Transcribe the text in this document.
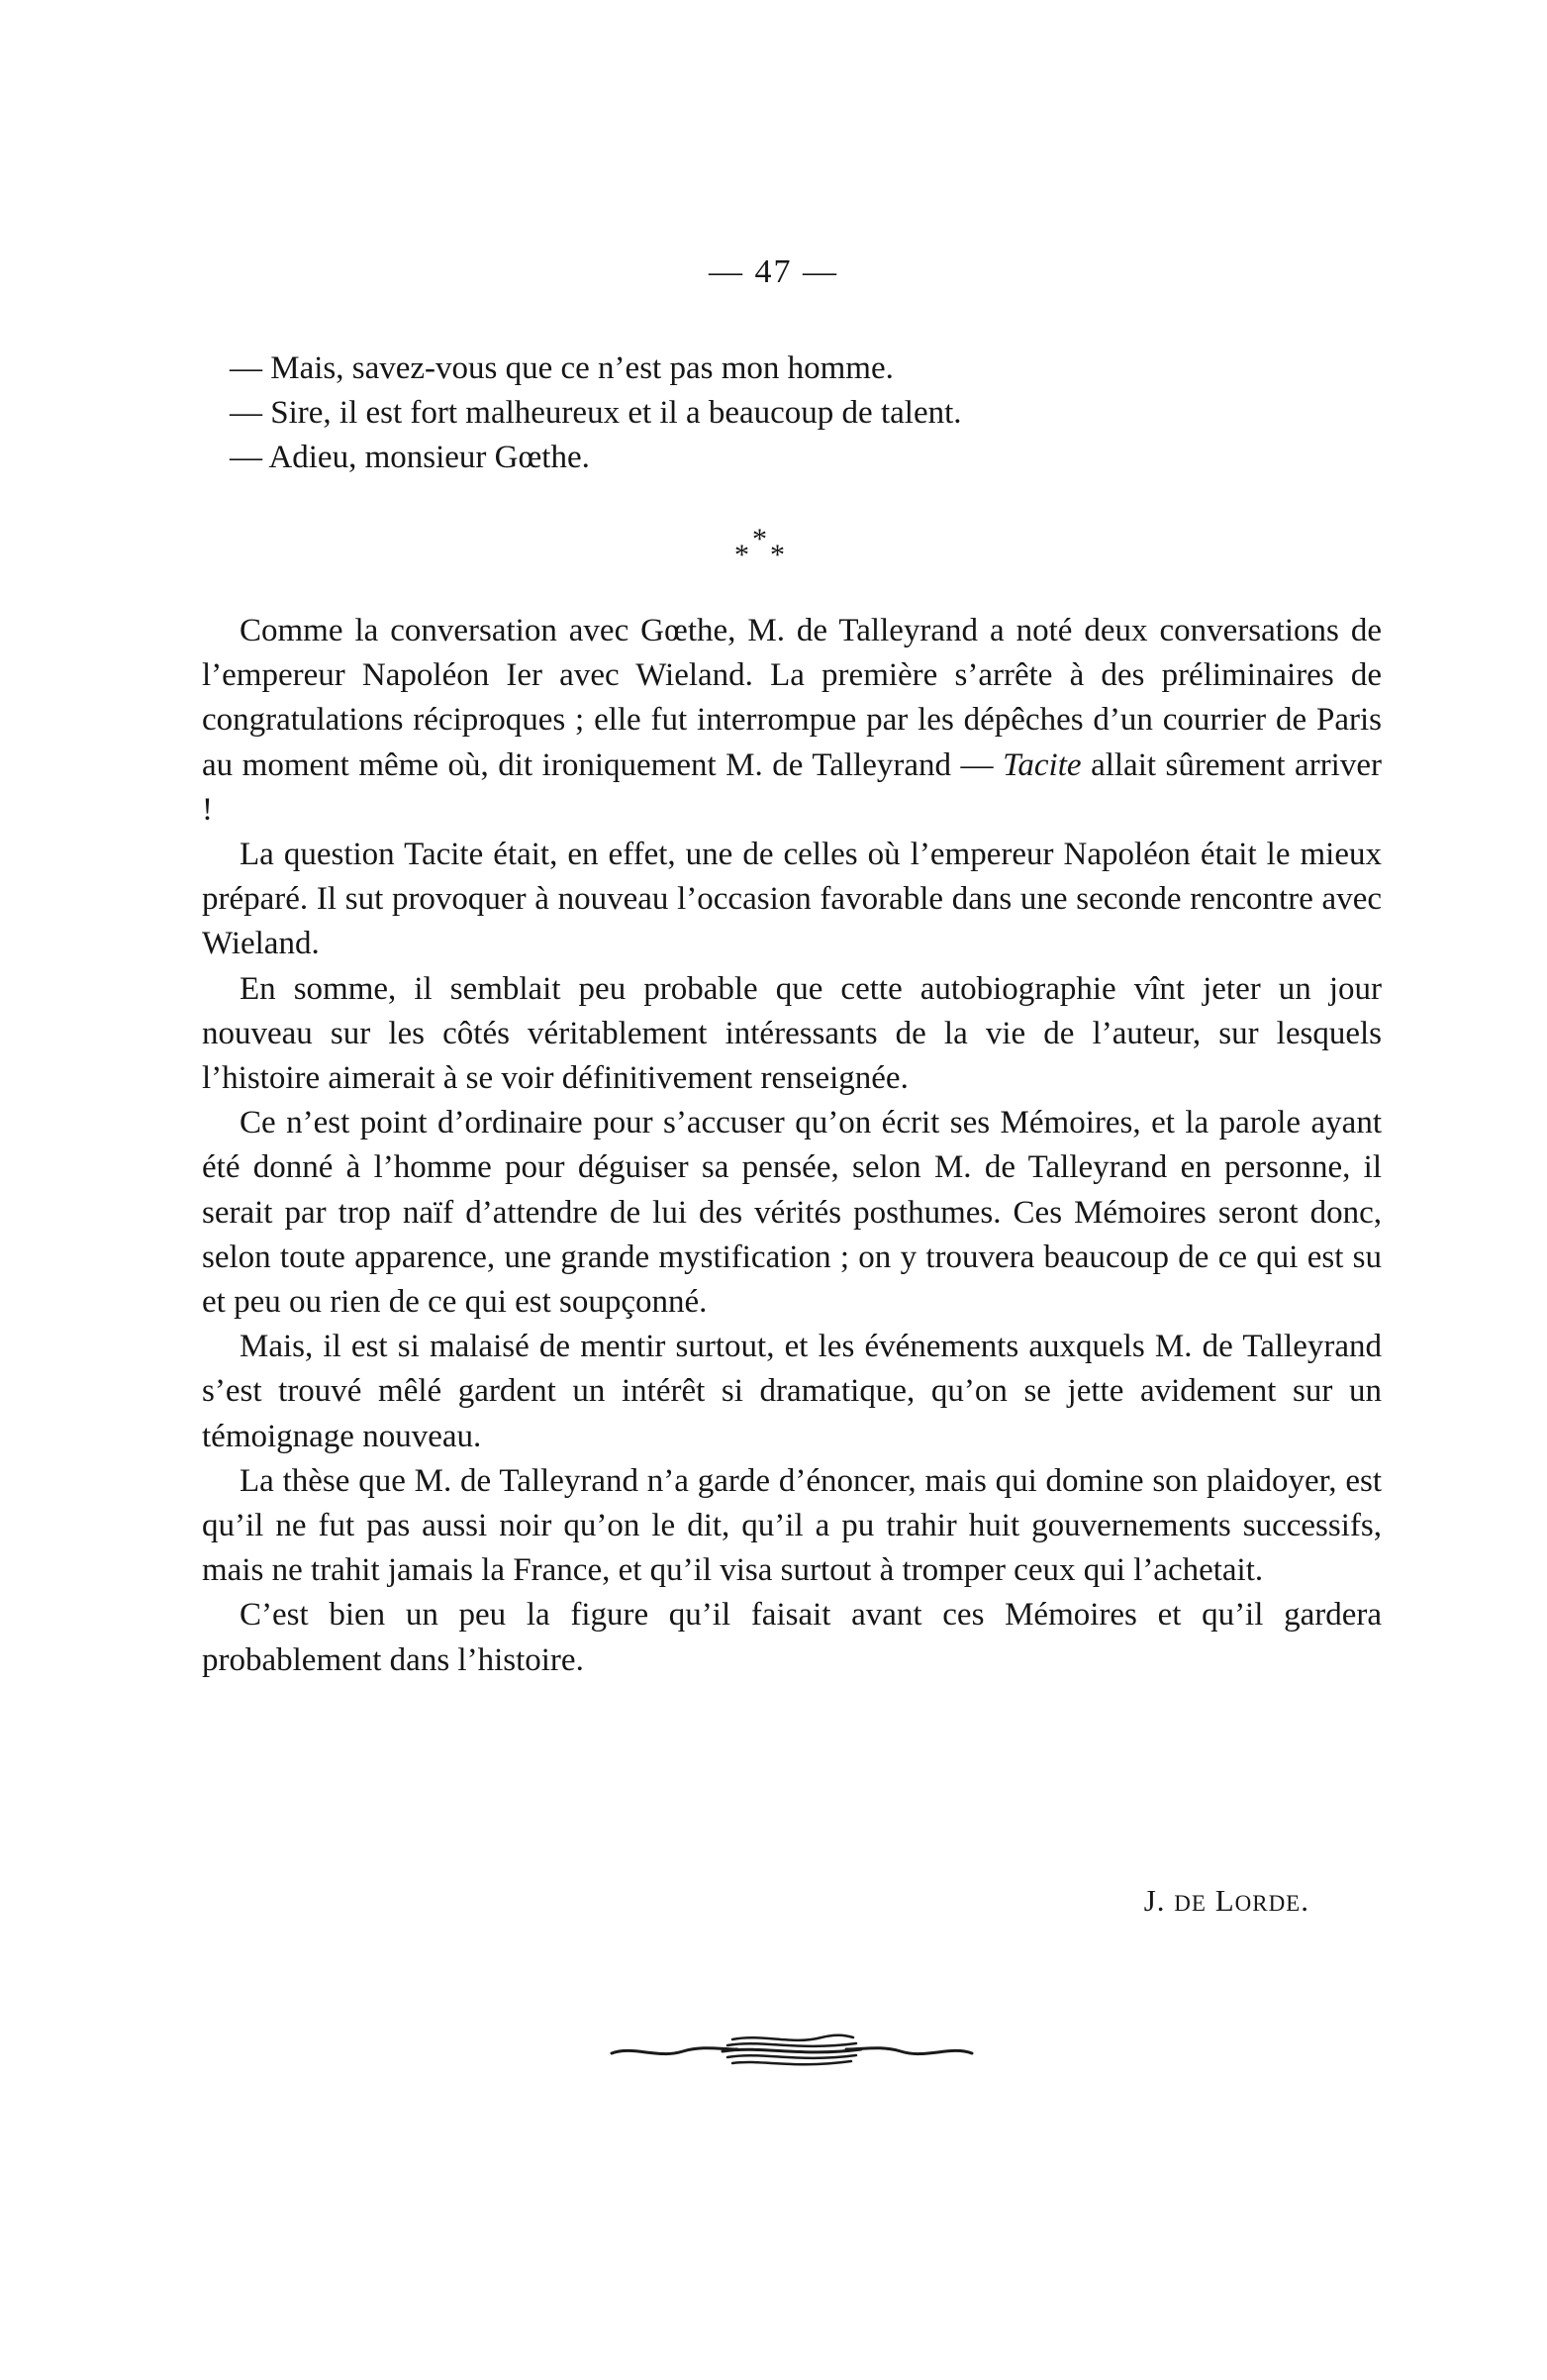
— 47 —

— Mais, savez-vous que ce n’est pas mon homme.

— Sire, il est fort malheureux et il a beaucoup de talent.

— Adieu, monsieur Gœthe.

*
* *

Comme la conversation avec Gœthe, M. de Talleyrand a noté deux conversations de l’empereur Napoléon Ier avec Wieland. La première s’arrête à des préliminaires de congratulations réciproques ; elle fut interrompue par les dépêches d’un courrier de Paris au moment même où, dit ironiquement M. de Talleyrand — Tacite allait sûrement arriver !

La question Tacite était, en effet, une de celles où l’empereur Napoléon était le mieux préparé. Il sut provoquer à nouveau l’occasion favorable dans une seconde rencontre avec Wieland.

En somme, il semblait peu probable que cette autobiographie vînt jeter un jour nouveau sur les côtés véritablement intéressants de la vie de l’auteur, sur lesquels l’histoire aimerait à se voir définitivement renseignée.

Ce n’est point d’ordinaire pour s’accuser qu’on écrit ses Mémoires, et la parole ayant été donné à l’homme pour déguiser sa pensée, selon M. de Talleyrand en personne, il serait par trop naïf d’attendre de lui des vérités posthumes. Ces Mémoires seront donc, selon toute apparence, une grande mystification ; on y trouvera beaucoup de ce qui est su et peu ou rien de ce qui est soupçonné.

Mais, il est si malaisé de mentir surtout, et les événements auxquels M. de Talleyrand s’est trouvé mêlé gardent un intérêt si dramatique, qu’on se jette avidement sur un témoignage nouveau.

La thèse que M. de Talleyrand n’a garde d’énoncer, mais qui domine son plaidoyer, est qu’il ne fut pas aussi noir qu’on le dit, qu’il a pu trahir huit gouvernements successifs, mais ne trahit jamais la France, et qu’il visa surtout à tromper ceux qui l’achetait.

C’est bien un peu la figure qu’il faisait avant ces Mémoires et qu’il gardera probablement dans l’histoire.

J. DE LORDE.
